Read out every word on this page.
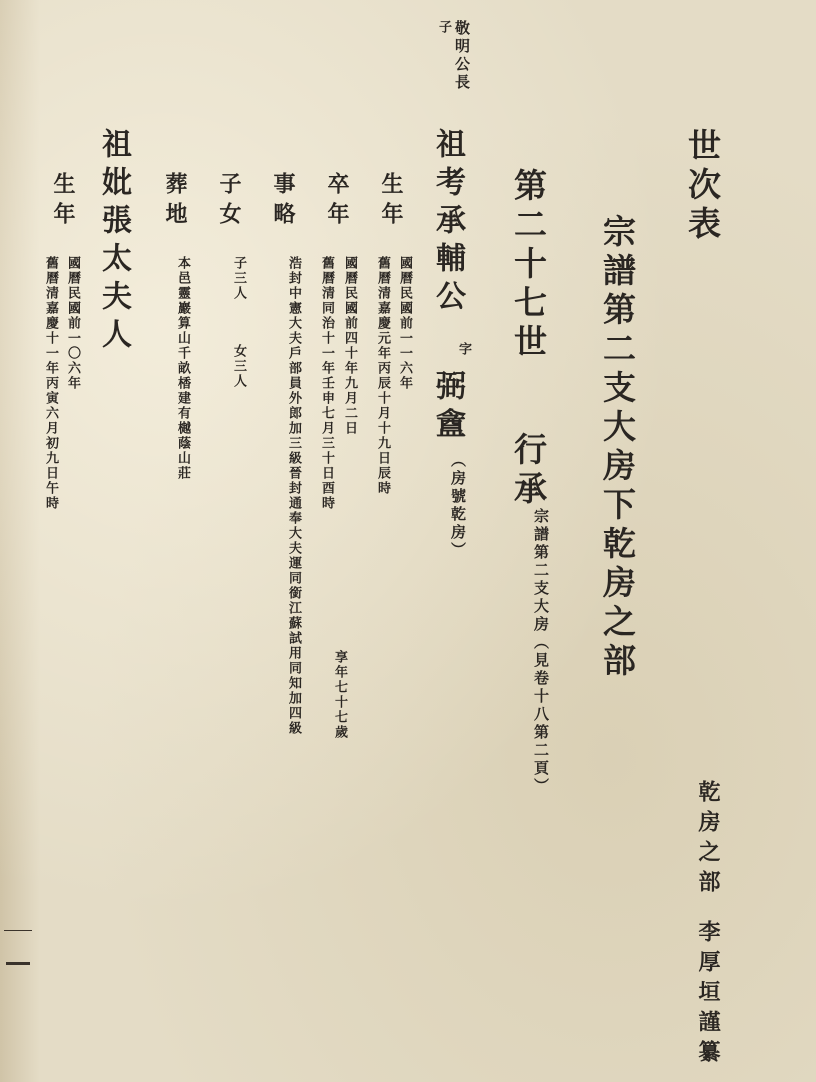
世次表
宗譜第二支大房下乾房之部
第二十七世
行承
宗譜第二支大房（見卷十八第二頁）
乾房之部
李厚垣謹纂
子 敬明公長
祖考承輔公
字
弼盦
（房號乾房）
生年
國曆民國前一一六年
舊曆清嘉慶元年丙辰十月十九日辰時
卒年
國曆民國前四十年九月二日
舊曆清同治十一年壬申七月三十日酉時
享年七十七歲
事略
浩封中憲大夫戶部員外郎加三級晉封通奉大夫運同銜江蘇試用同知加四級
子女
子三人
女三人
葬地
本邑靈巖算山千畝楿建有樾蔭山莊
祖妣張太夫人
生年
國曆民國前一〇六年
舊曆清嘉慶十一年丙寅六月初九日午時
